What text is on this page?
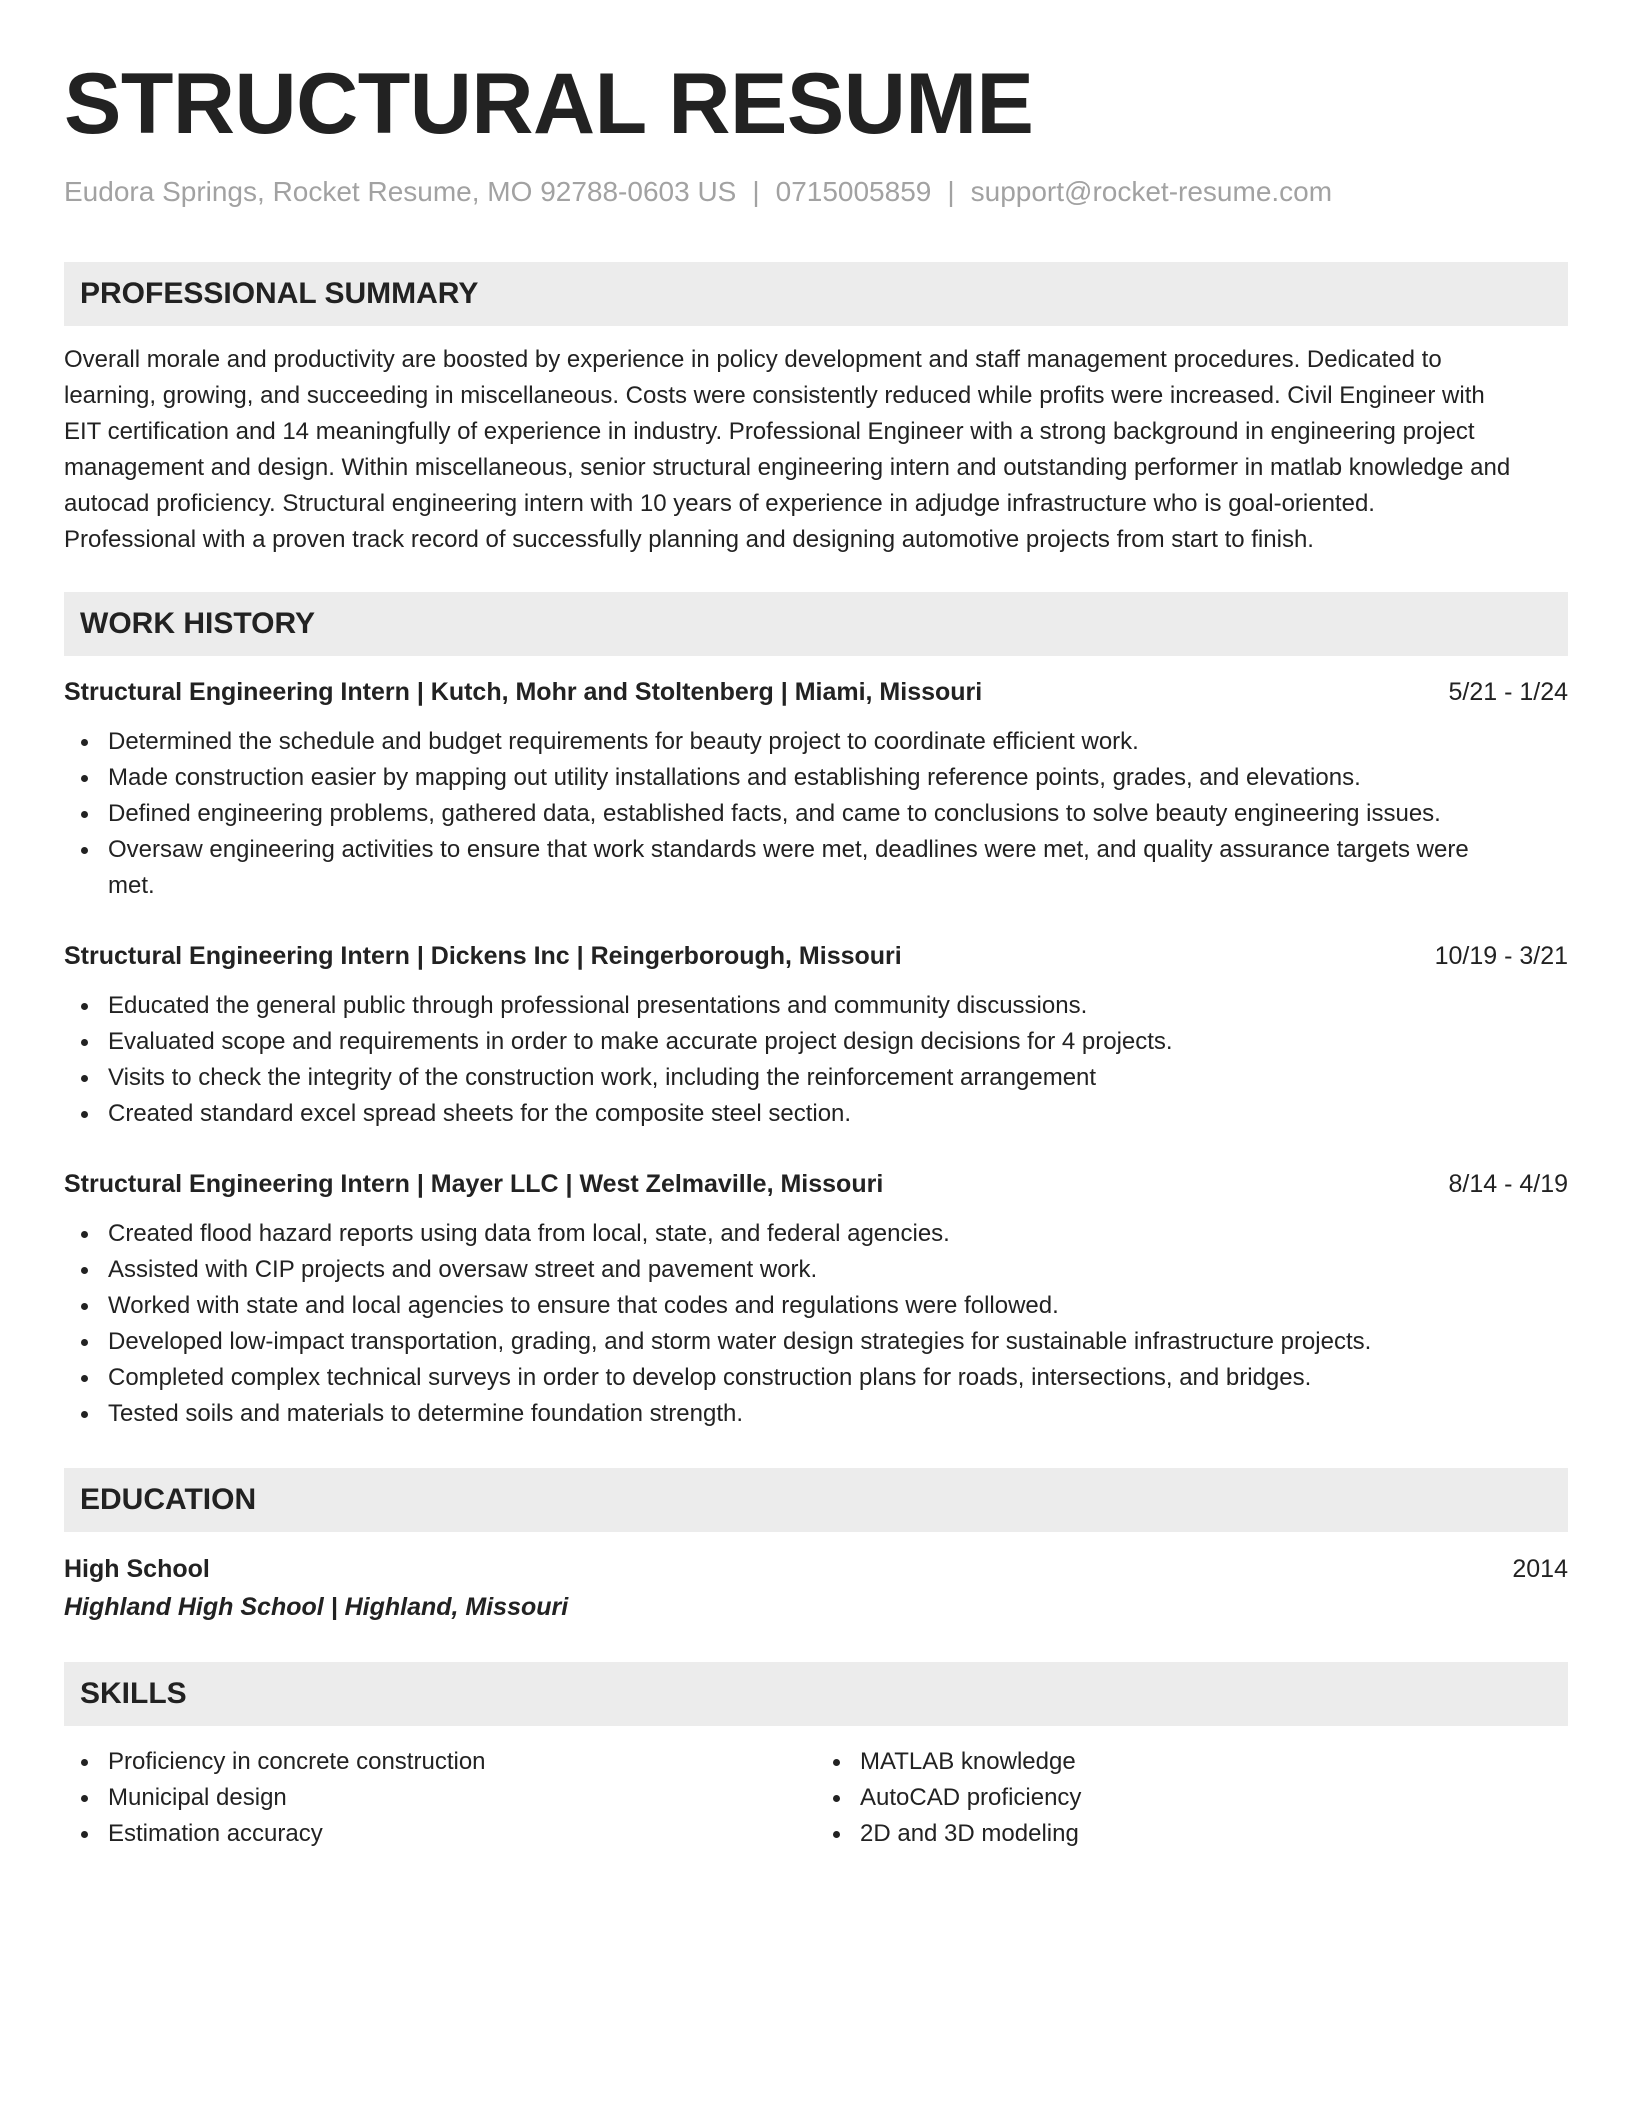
STRUCTURAL RESUME
Eudora Springs, Rocket Resume, MO 92788-0603 US | 0715005859 | support@rocket-resume.com
PROFESSIONAL SUMMARY
Overall morale and productivity are boosted by experience in policy development and staff management procedures. Dedicated to
learning, growing, and succeeding in miscellaneous. Costs were consistently reduced while profits were increased. Civil Engineer with
EIT certification and 14 meaningfully of experience in industry. Professional Engineer with a strong background in engineering project
management and design. Within miscellaneous, senior structural engineering intern and outstanding performer in matlab knowledge and
autocad proficiency. Structural engineering intern with 10 years of experience in adjudge infrastructure who is goal-oriented.
Professional with a proven track record of successfully planning and designing automotive projects from start to finish.
WORK HISTORY
Structural Engineering Intern | Kutch, Mohr and Stoltenberg | Miami, Missouri	5/21 - 1/24
Determined the schedule and budget requirements for beauty project to coordinate efficient work.
Made construction easier by mapping out utility installations and establishing reference points, grades, and elevations.
Defined engineering problems, gathered data, established facts, and came to conclusions to solve beauty engineering issues.
Oversaw engineering activities to ensure that work standards were met, deadlines were met, and quality assurance targets were
met.
Structural Engineering Intern | Dickens Inc | Reingerborough, Missouri	10/19 - 3/21
Educated the general public through professional presentations and community discussions.
Evaluated scope and requirements in order to make accurate project design decisions for 4 projects.
Visits to check the integrity of the construction work, including the reinforcement arrangement
Created standard excel spread sheets for the composite steel section.
Structural Engineering Intern | Mayer LLC | West Zelmaville, Missouri	8/14 - 4/19
Created flood hazard reports using data from local, state, and federal agencies.
Assisted with CIP projects and oversaw street and pavement work.
Worked with state and local agencies to ensure that codes and regulations were followed.
Developed low-impact transportation, grading, and storm water design strategies for sustainable infrastructure projects.
Completed complex technical surveys in order to develop construction plans for roads, intersections, and bridges.
Tested soils and materials to determine foundation strength.
EDUCATION
High School	2014
Highland High School | Highland, Missouri
SKILLS
Proficiency in concrete construction
Municipal design
Estimation accuracy
MATLAB knowledge
AutoCAD proficiency
2D and 3D modeling
